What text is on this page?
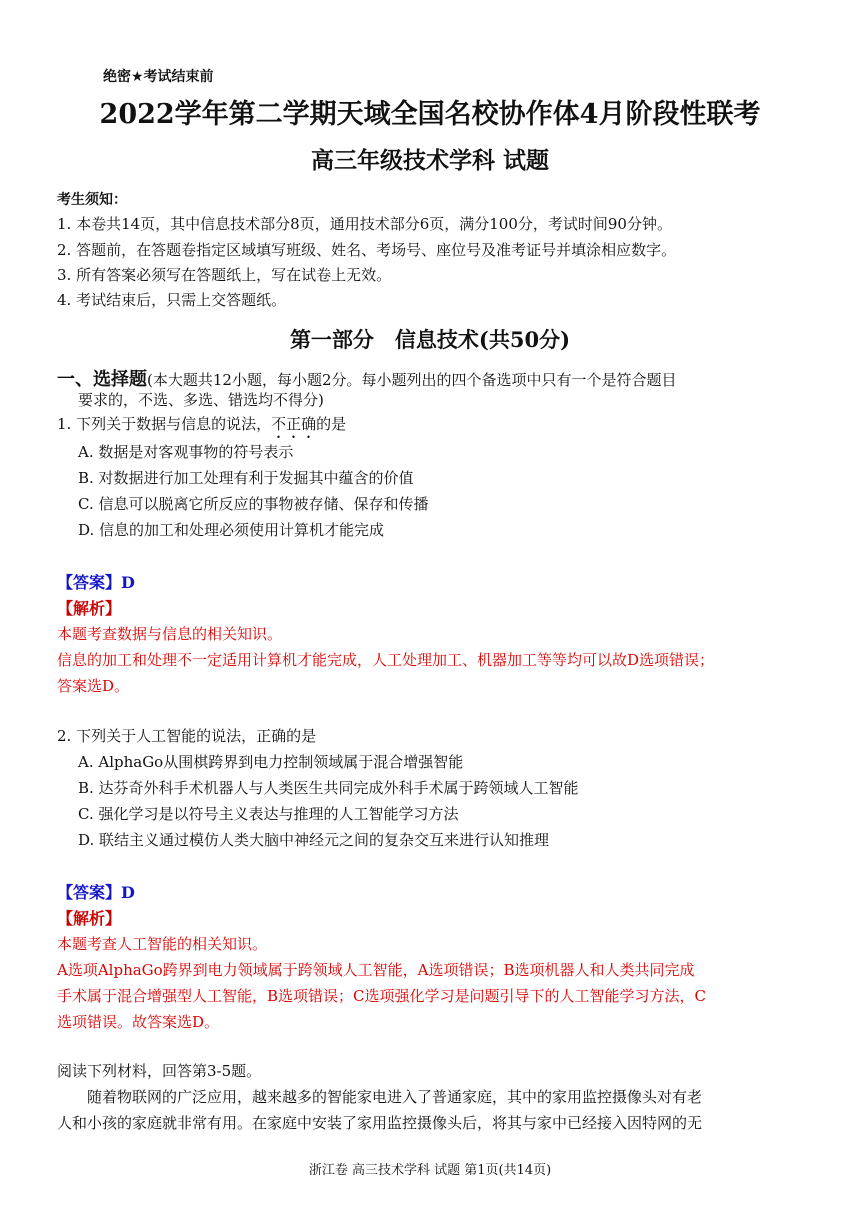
绝密★考试结束前
2022学年第二学期天域全国名校协作体4月阶段性联考
高三年级技术学科 试题
考生须知：
1. 本卷共14页，其中信息技术部分8页，通用技术部分6页，满分100分，考试时间90分钟。
2. 答题前，在答题卷指定区域填写班级、姓名、考场号、座位号及准考证号并填涂相应数字。
3. 所有答案必须写在答题纸上，写在试卷上无效。
4. 考试结束后，只需上交答题纸。
第一部分　信息技术(共50分)
一、选择题(本大题共12小题，每小题2分。每小题列出的四个备选项中只有一个是符合题目
要求的，不选、多选、错选均不得分)
1. 下列关于数据与信息的说法，不正确的是
A. 数据是对客观事物的符号表示
B. 对数据进行加工处理有利于发掘其中蕴含的价值
C. 信息可以脱离它所反应的事物被存储、保存和传播
D. 信息的加工和处理必须使用计算机才能完成
【答案】D
【解析】
本题考查数据与信息的相关知识。
信息的加工和处理不一定适用计算机才能完成，人工处理加工、机器加工等等均可以故D选项错误；
答案选D。
2. 下列关于人工智能的说法，正确的是
A. AlphaGo从围棋跨界到电力控制领域属于混合增强智能
B. 达芬奇外科手术机器人与人类医生共同完成外科手术属于跨领域人工智能
C. 强化学习是以符号主义表达与推理的人工智能学习方法
D. 联结主义通过模仿人类大脑中神经元之间的复杂交互来进行认知推理
【答案】D
【解析】
本题考查人工智能的相关知识。
A选项AlphaGo跨界到电力领域属于跨领域人工智能，A选项错误；B选项机器人和人类共同完成
手术属于混合增强型人工智能，B选项错误；C选项强化学习是问题引导下的人工智能学习方法，C
选项错误。故答案选D。
阅读下列材料，回答第3-5题。
　　随着物联网的广泛应用，越来越多的智能家电进入了普通家庭，其中的家用监控摄像头对有老
人和小孩的家庭就非常有用。在家庭中安装了家用监控摄像头后，将其与家中已经接入因特网的无
浙江卷 高三技术学科 试题 第1页(共14页)
